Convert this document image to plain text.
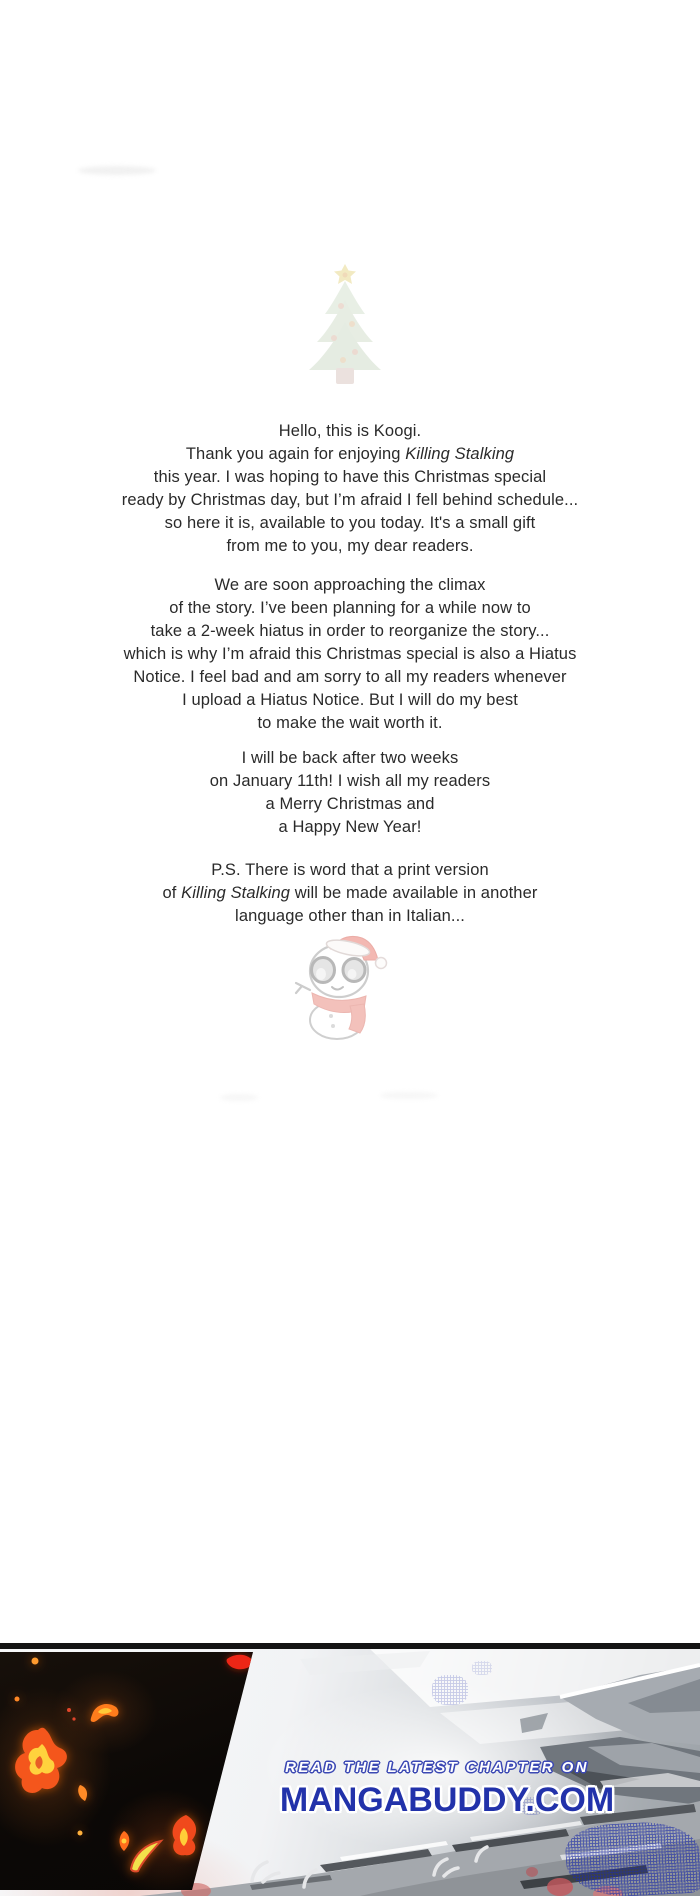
Hello, this is Koogi.
Thank you again for enjoying Killing Stalking
this year. I was hoping to have this Christmas special
ready by Christmas day, but I’m afraid I fell behind schedule...
so here it is, available to you today. It's a small gift
from me to you, my dear readers.

We are soon approaching the climax
of the story. I’ve been planning for a while now to
take a 2-week hiatus in order to reorganize the story...
which is why I’m afraid this Christmas special is also a Hiatus
Notice. I feel bad and am sorry to all my readers whenever
I upload a Hiatus Notice. But I will do my best
to make the wait worth it.

I will be back after two weeks
on January 11th! I wish all my readers
a Merry Christmas and
a Happy New Year!

P.S. There is word that a print version
of Killing Stalking will be made available in another
language other than in Italian...

READ THE LATEST CHAPTER ON
MANGABUDDY.COM
